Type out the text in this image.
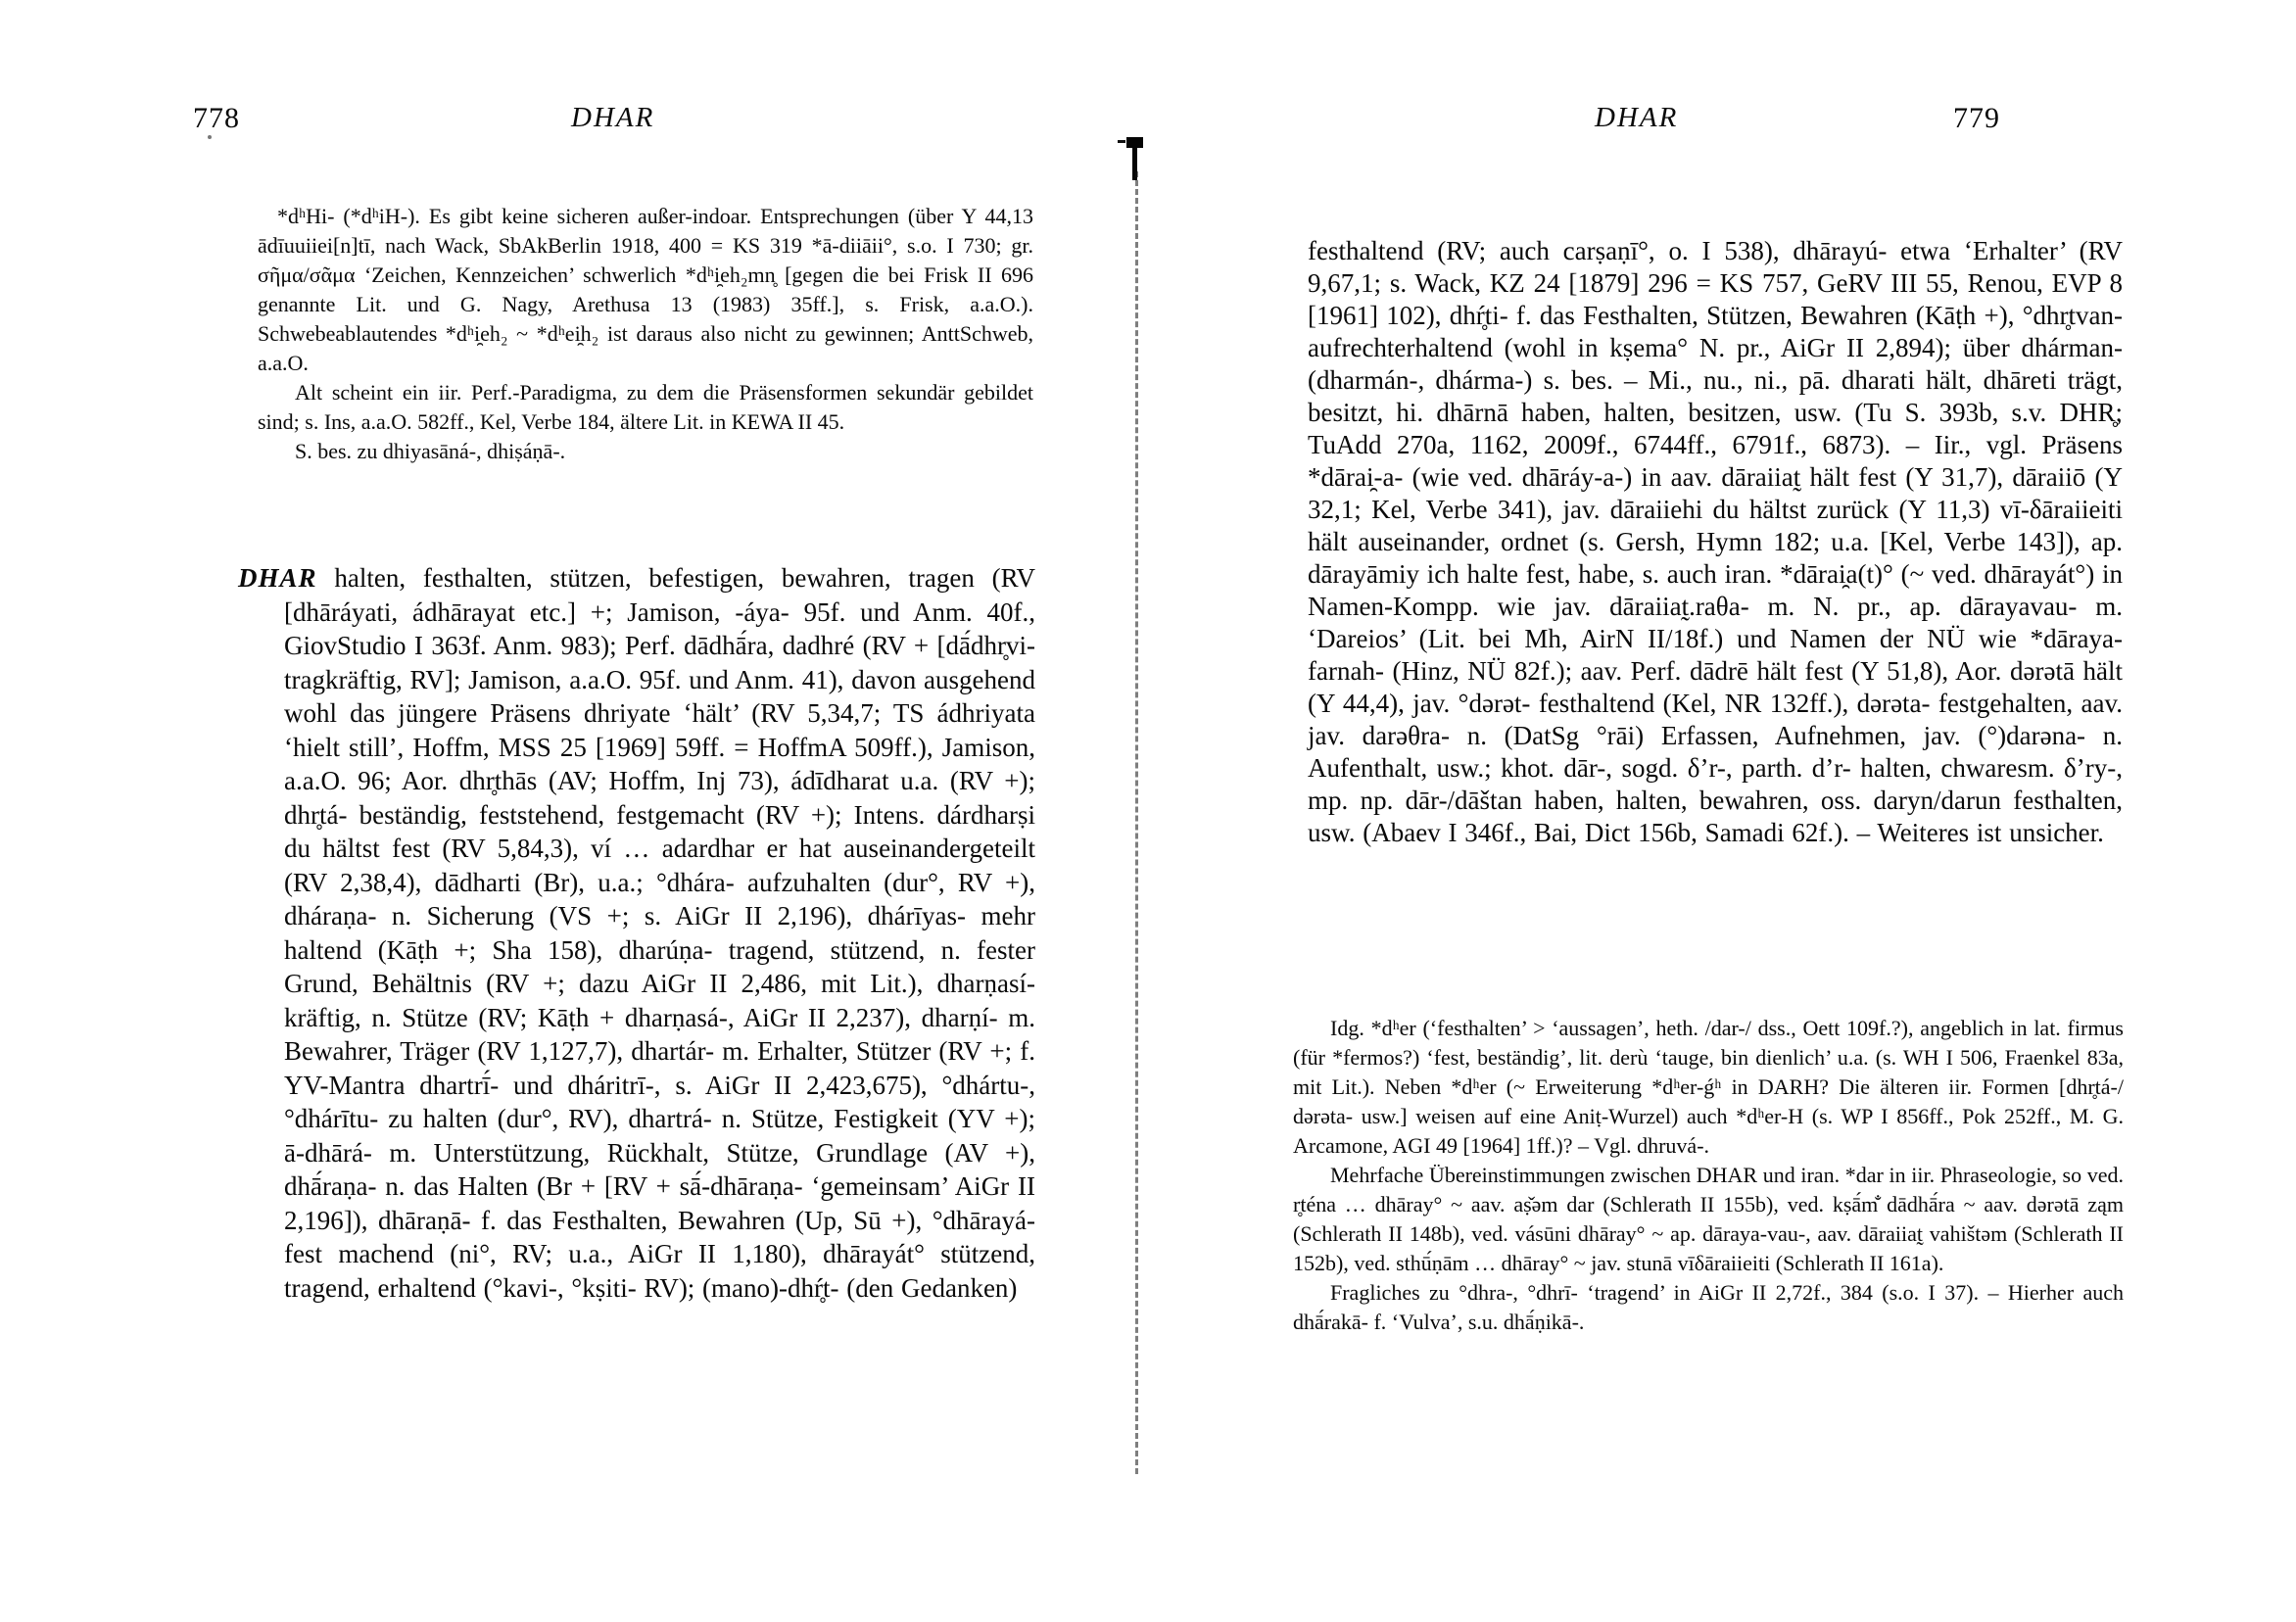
778	DHAR

*dʰHi- (*dʰiH-). Es gibt keine sicheren außer-indoar. Entsprechungen (über Y 44,13 ādīuuiiei[n]tī, nach Wack, SbAkBerlin 1918, 400 = KS 319 *ā-diiāii°, s.o. I 730; gr. σῆμα/σᾶμα ‘Zeichen, Kennzeichen’ schwerlich *dʰi̯eh₂mn̥ [gegen die bei Frisk II 696 genannte Lit. und G. Nagy, Arethusa 13 (1983) 35ff.], s. Frisk, a.a.O.). Schwebeablautendes *dʰi̯eh₂ ~ *dʰei̯h₂ ist daraus also nicht zu gewinnen; AnttSchweb, a.a.O.

Alt scheint ein iir. Perf.-Paradigma, zu dem die Präsensformen sekundär gebildet sind; s. Ins, a.a.O. 582ff., Kel, Verbe 184, ältere Lit. in KEWA II 45.

S. bes. zu dhiyasāná-, dhiṣáṇā-.

DHAR halten, festhalten, stützen, befestigen, bewahren, tragen (RV [dhāráyati, ádhārayat etc.] +; Jamison, -áya- 95f. und Anm. 40f., GiovStudio I 363f. Anm. 983); Perf. dādhā́ra, dadhré (RV + [dā́dhr̥vi- tragkräftig, RV]; Jamison, a.a.O. 95f. und Anm. 41), davon ausgehend wohl das jüngere Präsens dhriyate ‘hält’ (RV 5,34,7; TS ádhriyata ‘hielt still’, Hoffm, MSS 25 [1969] 59ff. = HoffmA 509ff.), Jamison, a.a.O. 96; Aor. dhr̥thās (AV; Hoffm, Inj 73), ádīdharat u.a. (RV +); dhr̥tá- beständig, feststehend, festgemacht (RV +); Intens. dárdharṣi du hältst fest (RV 5,84,3), ví … adardhar er hat auseinandergeteilt (RV 2,38,4), dādharti (Br), u.a.; °dhára- aufzuhalten (dur°, RV +), dháraṇa- n. Sicherung (VS +; s. AiGr II 2,196), dhárīyas- mehr haltend (Kāṭh +; Sha 158), dharúṇa- tragend, stützend, n. fester Grund, Behältnis (RV +; dazu AiGr II 2,486, mit Lit.), dharṇasí- kräftig, n. Stütze (RV; Kāṭh + dharṇasá-, AiGr II 2,237), dharṇí- m. Bewahrer, Träger (RV 1,127,7), dhartár- m. Erhalter, Stützer (RV +; f. YV-Mantra dhartrī́- und dháritrī-, s. AiGr II 2,423,675), °dhártu-, °dhárītu- zu halten (dur°, RV), dhartrá- n. Stütze, Festigkeit (YV +); ā-dhārá- m. Unterstützung, Rückhalt, Stütze, Grundlage (AV +), dhā́raṇa- n. das Halten (Br + [RV + sā́-dhāraṇa- ‘gemeinsam’ AiGr II 2,196]), dhāraṇā- f. das Festhalten, Bewahren (Up, Sū +), °dhārayá- fest machend (ni°, RV; u.a., AiGr II 1,180), dhārayát° stützend, tragend, erhaltend (°kavi-, °kṣiti- RV); (mano)-dhŕ̥t- (den Gedanken)

DHAR	779

festhaltend (RV; auch carṣaṇī°, o. I 538), dhārayú- etwa ‘Erhalter’ (RV 9,67,1; s. Wack, KZ 24 [1879] 296 = KS 757, GeRV III 55, Renou, EVP 8 [1961] 102), dhŕ̥ti- f. das Festhalten, Stützen, Bewahren (Kāṭh +), °dhr̥tvan- aufrechterhaltend (wohl in kṣema° N. pr., AiGr II 2,894); über dhárman- (dharmán-, dhárma-) s. bes. – Mi., nu., ni., pā. dharati hält, dhāreti trägt, besitzt, hi. dhārnā haben, halten, besitzen, usw. (Tu S. 393b, s.v. DHR̥; TuAdd 270a, 1162, 2009f., 6744ff., 6791f., 6873). – Iir., vgl. Präsens *dārai̯-a- (wie ved. dhāráy-a-) in aav. dāraiiat̰ hält fest (Y 31,7), dāraiiō (Y 32,1; Kel, Verbe 341), jav. dāraiiehi du hältst zurück (Y 11,3) vī-δāraiieiti hält auseinander, ordnet (s. Gersh, Hymn 182; u.a. [Kel, Verbe 143]), ap. dārayāmiy ich halte fest, habe, s. auch iran. *dārai̯a(t)° (~ ved. dhārayát°) in Namen-Kompp. wie jav. dāraiiat̰.raθa- m. N. pr., ap. dārayavau- m. ‘Dareios’ (Lit. bei Mh, AirN II/18f.) und Namen der NÜ wie *dāraya-farnah- (Hinz, NÜ 82f.); aav. Perf. dādrē hält fest (Y 51,8), Aor. dərətā hält (Y 44,4), jav. °dərət- festhaltend (Kel, NR 132ff.), dərəta- festgehalten, aav. jav. darəθra- n. (DatSg °rāi) Erfassen, Aufnehmen, jav. (°)darəna- n. Aufenthalt, usw.; khot. dār-, sogd. δ’r-, parth. d’r- halten, chwaresm. δ’ry-, mp. np. dār-/dāštan haben, halten, bewahren, oss. daryn/darun festhalten, usw. (Abaev I 346f., Bai, Dict 156b, Samadi 62f.). – Weiteres ist unsicher.

Idg. *dʰer (‘festhalten’ > ‘aussagen’, heth. /dar-/ dss., Oett 109f.?), angeblich in lat. firmus (für *fermos?) ‘fest, beständig’, lit. derù ‘tauge, bin dienlich’ u.a. (s. WH I 506, Fraenkel 83a, mit Lit.). Neben *dʰer (~ Erweiterung *dʰer-ǵʰ in DARH? Die älteren iir. Formen [dhr̥tá-/ dərəta- usw.] weisen auf eine Aniṭ-Wurzel) auch *dʰer-H (s. WP I 856ff., Pok 252ff., M. G. Arcamone, AGI 49 [1964] 1ff.)? – Vgl. dhruvá-.

Mehrfache Übereinstimmungen zwischen DHAR und iran. *dar in iir. Phraseologie, so ved. r̥téna … dhāray° ~ aav. aṣ̌əm dar (Schlerath II 155b), ved. kṣā́m̐ dādhā́ra ~ aav. dərətā ząm (Schlerath II 148b), ved. vásūni dhāray° ~ ap. dāraya-vau-, aav. dāraiiat̰ vahištəm (Schlerath II 152b), ved. sthū́ṇām … dhāray° ~ jav. stunā vīδāraiieiti (Schlerath II 161a).

Fragliches zu °dhra-, °dhrī- ‘tragend’ in AiGr II 2,72f., 384 (s.o. I 37). – Hierher auch dhā́rakā- f. ‘Vulva’, s.u. dhā́ṇikā-.
